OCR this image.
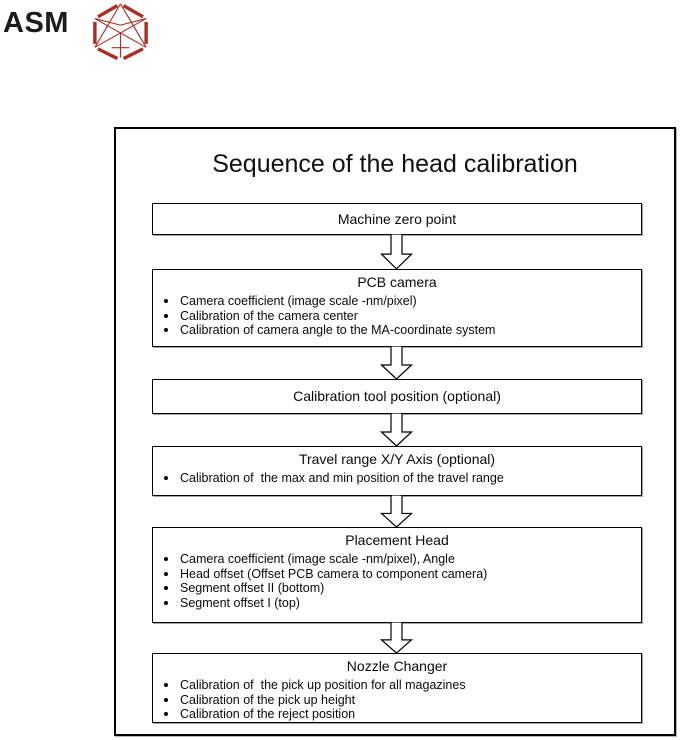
ASM
Sequence of the head calibration
Machine zero point
PCB camera
Camera coefficient (image scale -nm/pixel)
Calibration of the camera center
Calibration of camera angle to the MA-coordinate system
Calibration tool position (optional)
Travel range X/Y Axis (optional)
Calibration of  the max and min position of the travel range
Placement Head
Camera coefficient (image scale -nm/pixel), Angle
Head offset (Offset PCB camera to component camera)
Segment offset II (bottom)
Segment offset I (top)
Nozzle Changer
Calibration of  the pick up position for all magazines
Calibration of the pick up height
Calibration of the reject position
